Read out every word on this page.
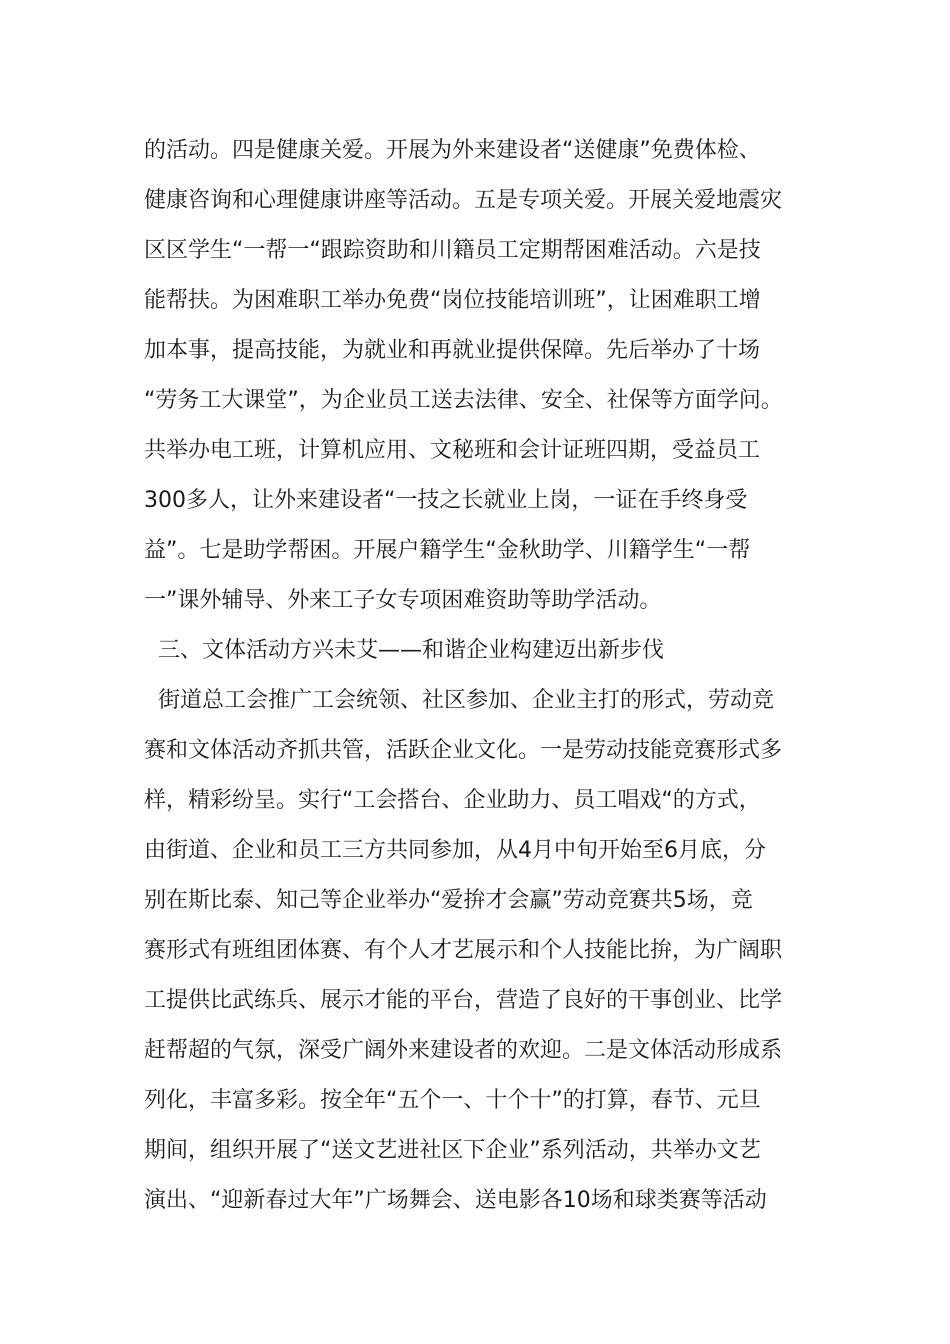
的活动。四是健康关爱。开展为外来建设者“送健康”免费体检、
健康咨询和心理健康讲座等活动。五是专项关爱。开展关爱地震灾
区区学生“一帮一“跟踪资助和川籍员工定期帮困难活动。六是技
能帮扶。为困难职工举办免费“岗位技能培训班”，让困难职工增
加本事，提高技能，为就业和再就业提供保障。先后举办了十场
“劳务工大课堂”，为企业员工送去法律、安全、社保等方面学问。
共举办电工班，计算机应用、文秘班和会计证班四期，受益员工
300多人，让外来建设者“一技之长就业上岗，一证在手终身受
益”。七是助学帮困。开展户籍学生“金秋助学、川籍学生“一帮
一”课外辅导、外来工子女专项困难资助等助学活动。
三、文体活动方兴未艾——和谐企业构建迈出新步伐
街道总工会推广工会统领、社区参加、企业主打的形式，劳动竞
赛和文体活动齐抓共管，活跃企业文化。一是劳动技能竞赛形式多
样，精彩纷呈。实行“工会搭台、企业助力、员工唱戏“的方式，
由街道、企业和员工三方共同参加，从4月中旬开始至6月底，分
别在斯比泰、知己等企业举办“爱拚才会赢”劳动竞赛共5场，竞
赛形式有班组团体赛、有个人才艺展示和个人技能比拚，为广阔职
工提供比武练兵、展示才能的平台，营造了良好的干事创业、比学
赶帮超的气氛，深受广阔外来建设者的欢迎。二是文体活动形成系
列化，丰富多彩。按全年“五个一、十个十”的打算，春节、元旦
期间，组织开展了“送文艺进社区下企业”系列活动，共举办文艺
演出、“迎新春过大年”广场舞会、送电影各10场和球类赛等活动
